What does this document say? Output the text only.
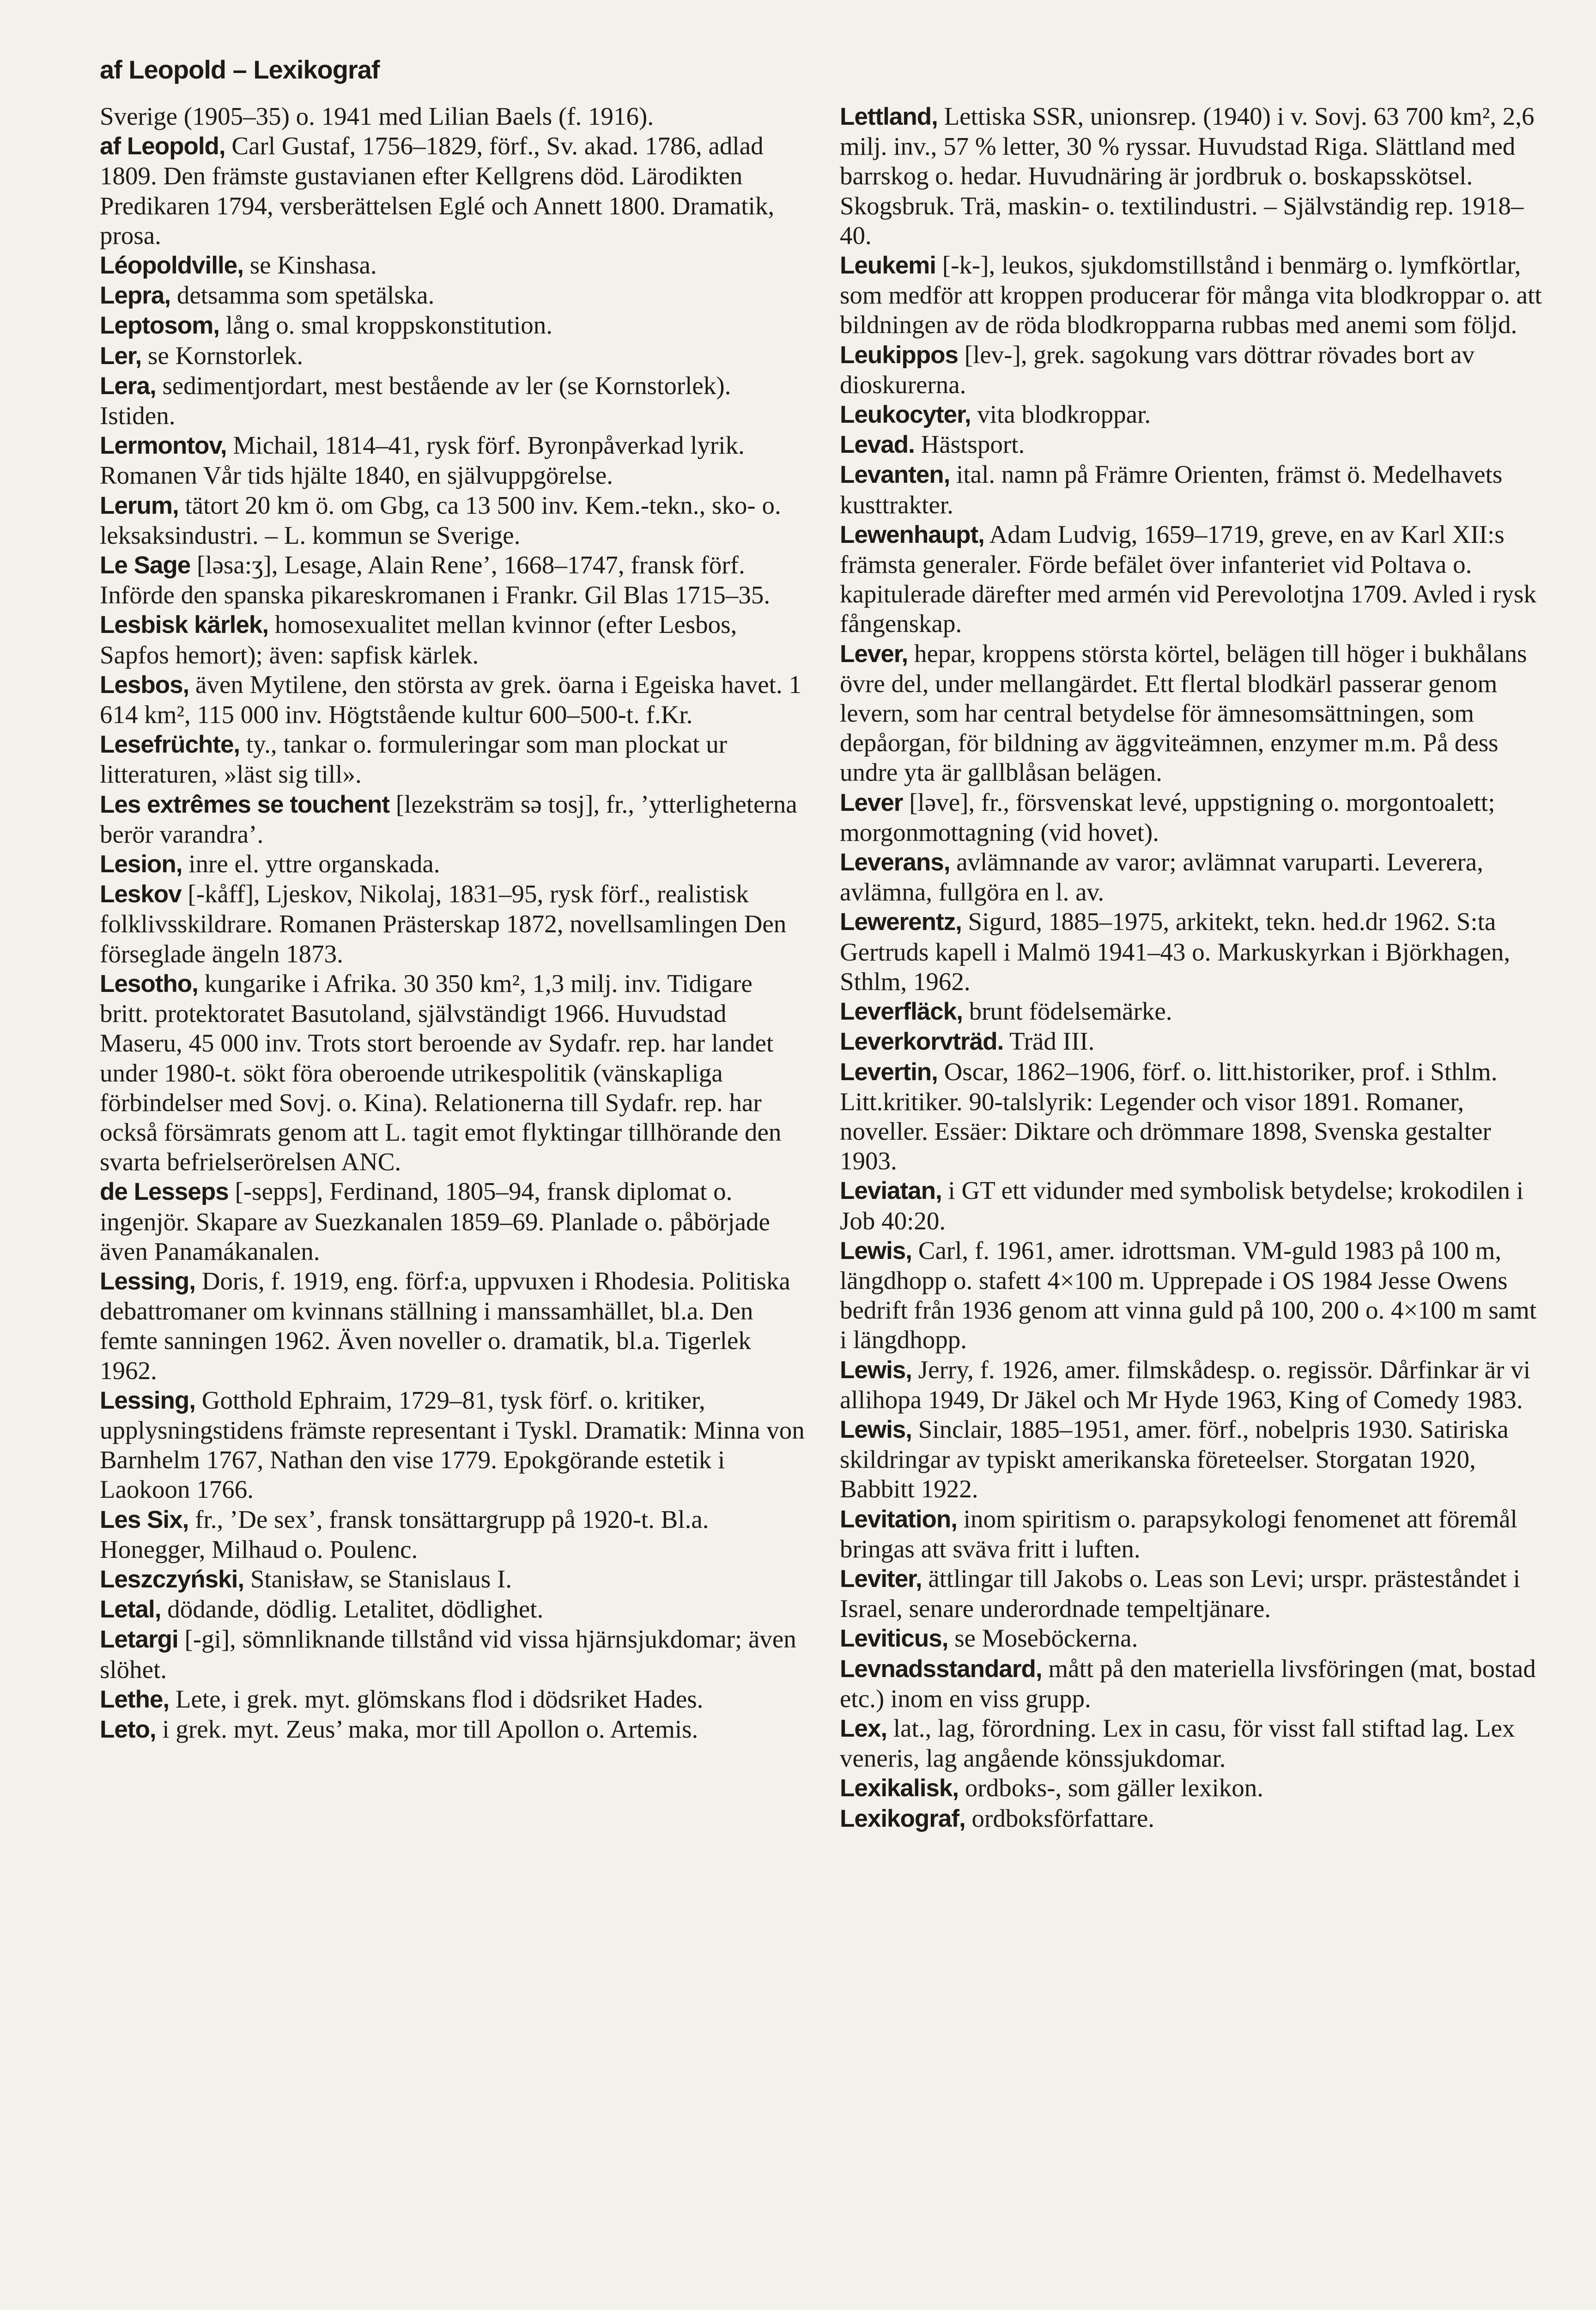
af Leopold – Lexikograf

Sverige (1905–35) o. 1941 med Lilian Baels (f. 1916).

af Leopold, Carl Gustaf, 1756–1829, förf., Sv. akad. 1786, adlad 1809. Den främste gustavianen efter Kellgrens död. Lärodikten Predikaren 1794, versberättelsen Eglé och Annett 1800. Dramatik, prosa.

Léopoldville, se Kinshasa.

Lepra, detsamma som spetälska.

Leptosom, lång o. smal kroppskonstitution.

Ler, se Kornstorlek.

Lera, sedimentjordart, mest bestående av ler (se Kornstorlek). Istiden.

Lermontov, Michail, 1814–41, rysk förf. Byronpåverkad lyrik. Romanen Vår tids hjälte 1840, en självuppgörelse.

Lerum, tätort 20 km ö. om Gbg, ca 13 500 inv. Kem.-tekn., sko- o. leksaksindustri. – L. kommun se Sverige.

Le Sage [ləsa:ʒ], Lesage, Alain Rene’, 1668–1747, fransk förf. Införde den spanska pikareskromanen i Frankr. Gil Blas 1715–35.

Lesbisk kärlek, homosexualitet mellan kvinnor (efter Lesbos, Sapfos hemort); även: sapfisk kärlek.

Lesbos, även Mytilene, den största av grek. öarna i Egeiska havet. 1 614 km², 115 000 inv. Högtstående kultur 600–500-t. f.Kr.

Lesefrüchte, ty., tankar o. formuleringar som man plockat ur litteraturen, »läst sig till».

Les extrêmes se touchent [lezeksträm sə tosj], fr., ’ytterligheterna berör varandra’.

Lesion, inre el. yttre organskada.

Leskov [-kåff], Ljeskov, Nikolaj, 1831–95, rysk förf., realistisk folklivsskildrare. Romanen Prästerskap 1872, novellsamlingen Den förseglade ängeln 1873.

Lesotho, kungarike i Afrika. 30 350 km², 1,3 milj. inv. Tidigare britt. protektoratet Basutoland, självständigt 1966. Huvudstad Maseru, 45 000 inv. Trots stort beroende av Sydafr. rep. har landet under 1980-t. sökt föra oberoende utrikespolitik (vänskapliga förbindelser med Sovj. o. Kina). Relationerna till Sydafr. rep. har också försämrats genom att L. tagit emot flyktingar tillhörande den svarta befrielserörelsen ANC.

de Lesseps [-sepps], Ferdinand, 1805–94, fransk diplomat o. ingenjör. Skapare av Suezkanalen 1859–69. Planlade o. påbörjade även Panamákanalen.

Lessing, Doris, f. 1919, eng. förf:a, uppvuxen i Rhodesia. Politiska debattromaner om kvinnans ställning i manssamhället, bl.a. Den femte sanningen 1962. Även noveller o. dramatik, bl.a. Tigerlek 1962.

Lessing, Gotthold Ephraim, 1729–81, tysk förf. o. kritiker, upplysningstidens främste representant i Tyskl. Dramatik: Minna von Barnhelm 1767, Nathan den vise 1779. Epokgörande estetik i Laokoon 1766.

Les Six, fr., ’De sex’, fransk tonsättargrupp på 1920-t. Bl.a. Honegger, Milhaud o. Poulenc.

Leszczyński, Stanisław, se Stanislaus I.

Letal, dödande, dödlig. Letalitet, dödlighet.

Letargi [-gi], sömnliknande tillstånd vid vissa hjärnsjukdomar; även slöhet.

Lethe, Lete, i grek. myt. glömskans flod i dödsriket Hades.

Leto, i grek. myt. Zeus’ maka, mor till Apollon o. Artemis.

Lettland, Lettiska SSR, unionsrep. (1940) i v. Sovj. 63 700 km², 2,6 milj. inv., 57 % letter, 30 % ryssar. Huvudstad Riga. Slättland med barrskog o. hedar. Huvudnäring är jordbruk o. boskapsskötsel. Skogsbruk. Trä, maskin- o. textilindustri. – Självständig rep. 1918–40.

Leukemi [-k-], leukos, sjukdomstillstånd i benmärg o. lymfkörtlar, som medför att kroppen producerar för många vita blodkroppar o. att bildningen av de röda blodkropparna rubbas med anemi som följd.

Leukippos [lev-], grek. sagokung vars döttrar rövades bort av dioskurerna.

Leukocyter, vita blodkroppar.

Levad. Hästsport.

Levanten, ital. namn på Främre Orienten, främst ö. Medelhavets kusttrakter.

Lewenhaupt, Adam Ludvig, 1659–1719, greve, en av Karl XII:s främsta generaler. Förde befälet över infanteriet vid Poltava o. kapitulerade därefter med armén vid Perevolotjna 1709. Avled i rysk fångenskap.

Lever, hepar, kroppens största körtel, belägen till höger i bukhålans övre del, under mellangärdet. Ett flertal blodkärl passerar genom levern, som har central betydelse för ämnesomsättningen, som depåorgan, för bildning av äggviteämnen, enzymer m.m. På dess undre yta är gallblåsan belägen.

Lever [ləve], fr., försvenskat levé, uppstigning o. morgontoalett; morgonmottagning (vid hovet).

Leverans, avlämnande av varor; avlämnat varuparti. Leverera, avlämna, fullgöra en l. av.

Lewerentz, Sigurd, 1885–1975, arkitekt, tekn. hed.dr 1962. S:ta Gertruds kapell i Malmö 1941–43 o. Markuskyrkan i Björkhagen, Sthlm, 1962.

Leverfläck, brunt födelsemärke.

Leverkorvträd. Träd III.

Levertin, Oscar, 1862–1906, förf. o. litt.historiker, prof. i Sthlm. Litt.kritiker. 90-talslyrik: Legender och visor 1891. Romaner, noveller. Essäer: Diktare och drömmare 1898, Svenska gestalter 1903.

Leviatan, i GT ett vidunder med symbolisk betydelse; krokodilen i Job 40:20.

Lewis, Carl, f. 1961, amer. idrottsman. VM-guld 1983 på 100 m, längdhopp o. stafett 4×100 m. Upprepade i OS 1984 Jesse Owens bedrift från 1936 genom att vinna guld på 100, 200 o. 4×100 m samt i längdhopp.

Lewis, Jerry, f. 1926, amer. filmskådesp. o. regissör. Dårfinkar är vi allihopa 1949, Dr Jäkel och Mr Hyde 1963, King of Comedy 1983.

Lewis, Sinclair, 1885–1951, amer. förf., nobelpris 1930. Satiriska skildringar av typiskt amerikanska företeelser. Storgatan 1920, Babbitt 1922.

Levitation, inom spiritism o. parapsykologi fenomenet att föremål bringas att sväva fritt i luften.

Leviter, ättlingar till Jakobs o. Leas son Levi; urspr. prästeståndet i Israel, senare underordnade tempeltjänare.

Leviticus, se Moseböckerna.

Levnadsstandard, mått på den materiella livsföringen (mat, bostad etc.) inom en viss grupp.

Lex, lat., lag, förordning. Lex in casu, för visst fall stiftad lag. Lex veneris, lag angående könssjukdomar.

Lexikalisk, ordboks-, som gäller lexikon.

Lexikograf, ordboksförfattare.
